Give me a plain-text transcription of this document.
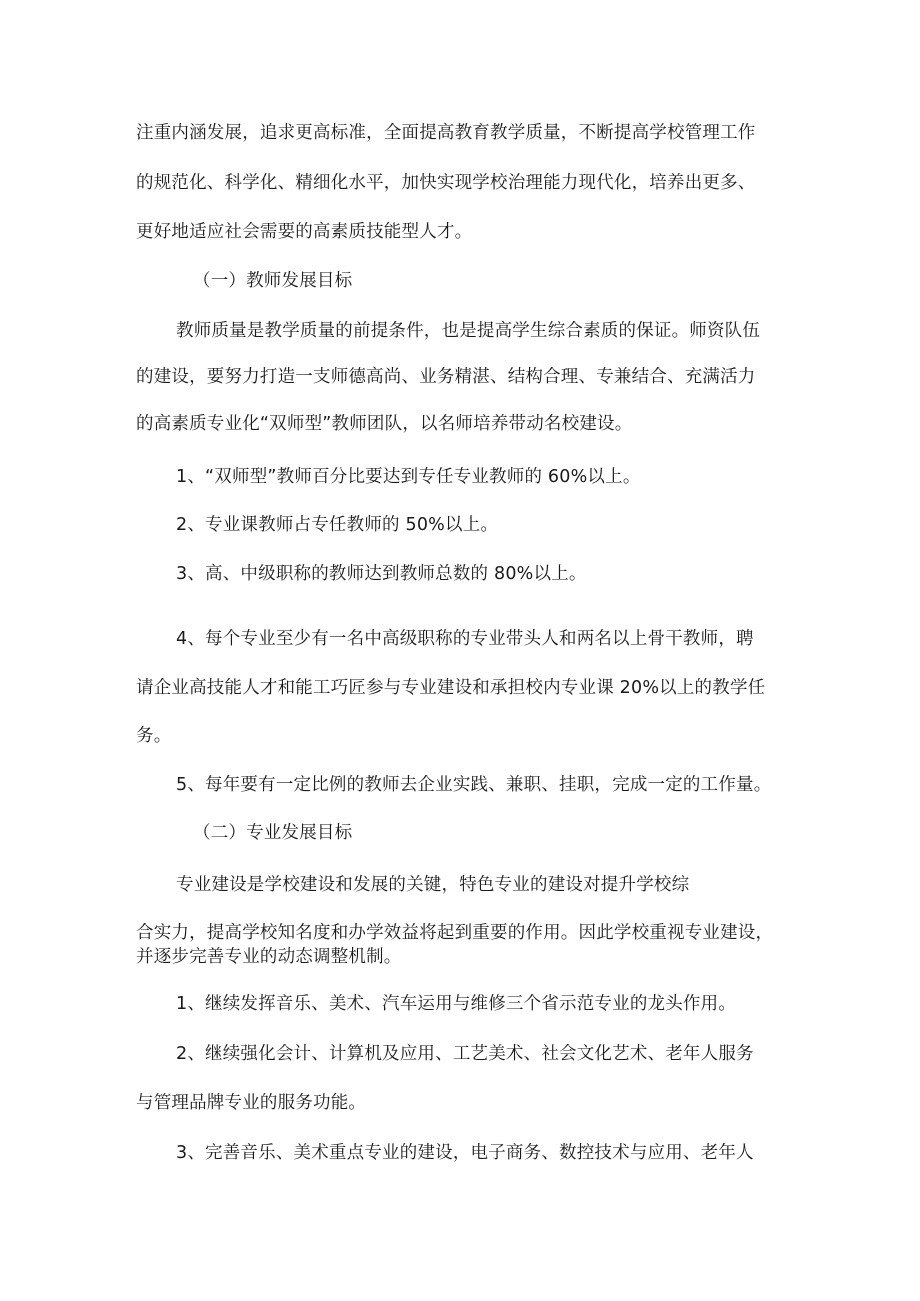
注重内涵发展，追求更高标准，全面提高教育教学质量，不断提高学校管理工作

的规范化、科学化、精细化水平，加快实现学校治理能力现代化，培养出更多、

更好地适应社会需要的高素质技能型人才。

（一）教师发展目标

教师质量是教学质量的前提条件，也是提高学生综合素质的保证。师资队伍

的建设，要努力打造一支师德高尚、业务精湛、结构合理、专兼结合、充满活力

的高素质专业化“双师型”教师团队，以名师培养带动名校建设。

1、“双师型”教师百分比要达到专任专业教师的 60%以上。

2、专业课教师占专任教师的 50%以上。

3、高、中级职称的教师达到教师总数的 80%以上。

4、每个专业至少有一名中高级职称的专业带头人和两名以上骨干教师，聘

请企业高技能人才和能工巧匠参与专业建设和承担校内专业课 20%以上的教学任

务。

5、每年要有一定比例的教师去企业实践、兼职、挂职，完成一定的工作量。

（二）专业发展目标

专业建设是学校建设和发展的关键，特色专业的建设对提升学校综

合实力，提高学校知名度和办学效益将起到重要的作用。因此学校重视专业建设，

并逐步完善专业的动态调整机制。

1、继续发挥音乐、美术、汽车运用与维修三个省示范专业的龙头作用。

2、继续强化会计、计算机及应用、工艺美术、社会文化艺术、老年人服务

与管理品牌专业的服务功能。

3、完善音乐、美术重点专业的建设，电子商务、数控技术与应用、老年人
